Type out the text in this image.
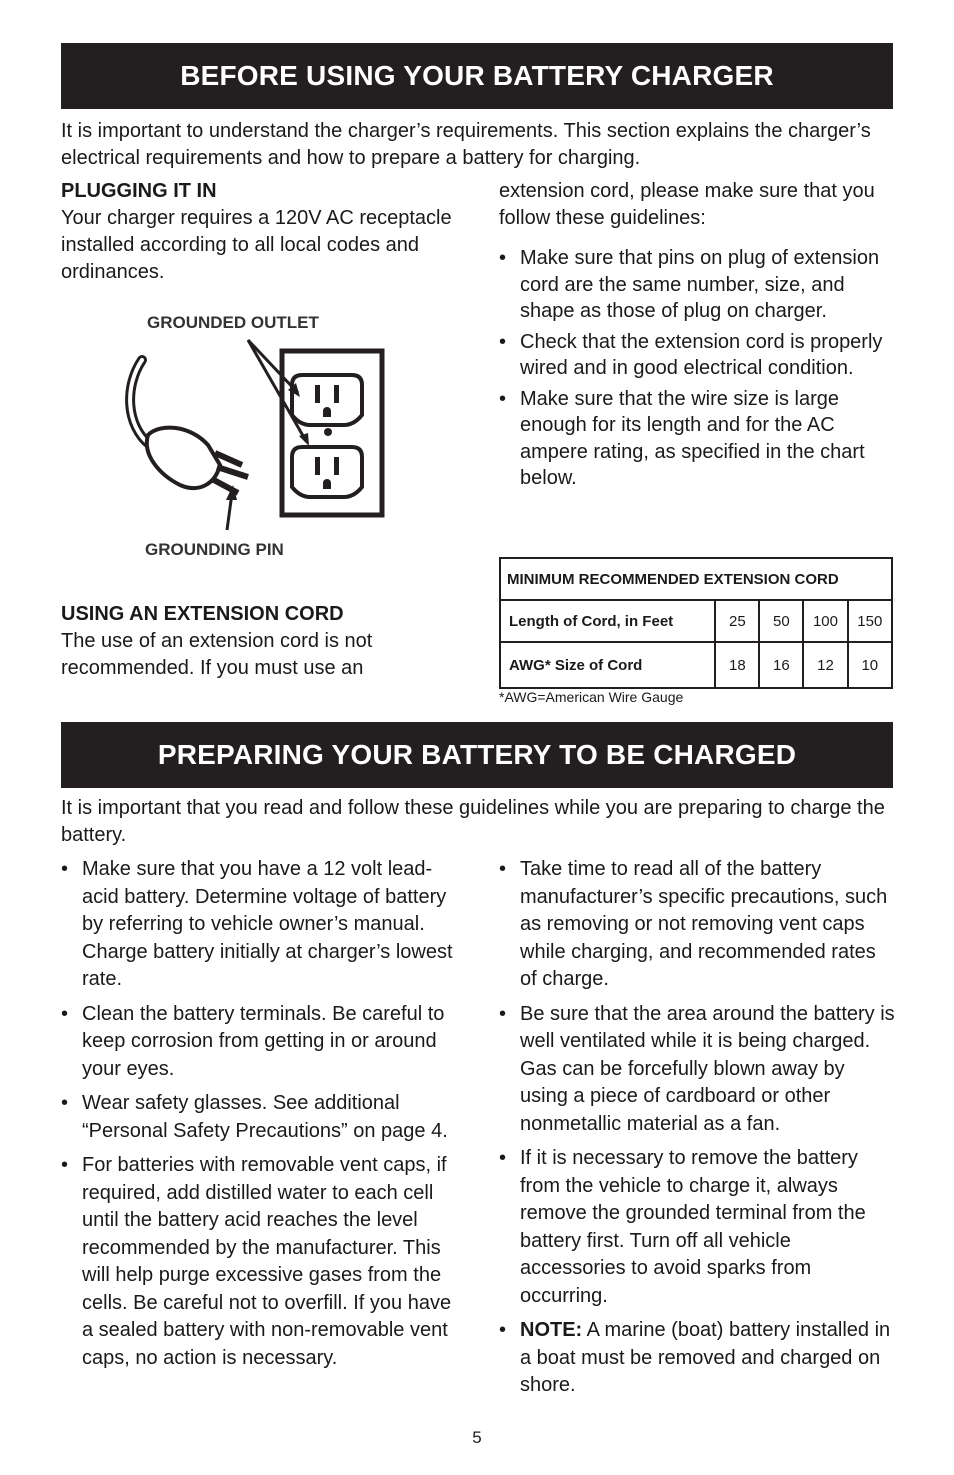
BEFORE USING YOUR BATTERY CHARGER

It is important to understand the charger’s requirements. This section explains the charger’s electrical requirements and how to prepare a battery for charging.

PLUGGING IT IN

Your charger requires a 120V AC receptacle installed according to all local codes and ordinances.

GROUNDED OUTLET
GROUNDING PIN

USING AN EXTENSION CORD

The use of an extension cord is not recommended. If you must use an

extension cord, please make sure that you follow these guidelines:

• Make sure that pins on plug of extension cord are the same number, size, and shape as those of plug on charger.
• Check that the extension cord is properly wired and in good electrical condition.
• Make sure that the wire size is large enough for its length and for the AC ampere rating, as specified in the chart below.
MINIMUM RECOMMENDED EXTENSION CORD				
Length of Cord, in Feet	25	50	100	150
AWG* Size of Cord	18	16	12	10
*AWG=American Wire Gauge
PREPARING YOUR BATTERY TO BE CHARGED

It is important that you read and follow these guidelines while you are preparing to charge the battery.

• Make sure that you have a 12 volt lead-acid battery. Determine voltage of battery by referring to vehicle owner’s manual. Charge battery initially at charger’s lowest rate.
• Clean the battery terminals. Be careful to keep corrosion from getting in or around your eyes.
• Wear safety glasses. See additional “Personal Safety Precautions” on page 4.
• For batteries with removable vent caps, if required, add distilled water to each cell until the battery acid reaches the level recommended by the manufacturer. This will help purge excessive gases from the cells. Be careful not to overfill. If you have a sealed battery with non-removable vent caps, no action is necessary.
• Take time to read all of the battery manufacturer’s specific precautions, such as removing or not removing vent caps while charging, and recommended rates of charge.
• Be sure that the area around the battery is well ventilated while it is being charged. Gas can be forcefully blown away by using a piece of cardboard or other nonmetallic material as a fan.
• If it is necessary to remove the battery from the vehicle to charge it, always remove the grounded terminal from the battery first. Turn off all vehicle accessories to avoid sparks from occurring.
• NOTE: A marine (boat) battery installed in a boat must be removed and charged on shore.
5
